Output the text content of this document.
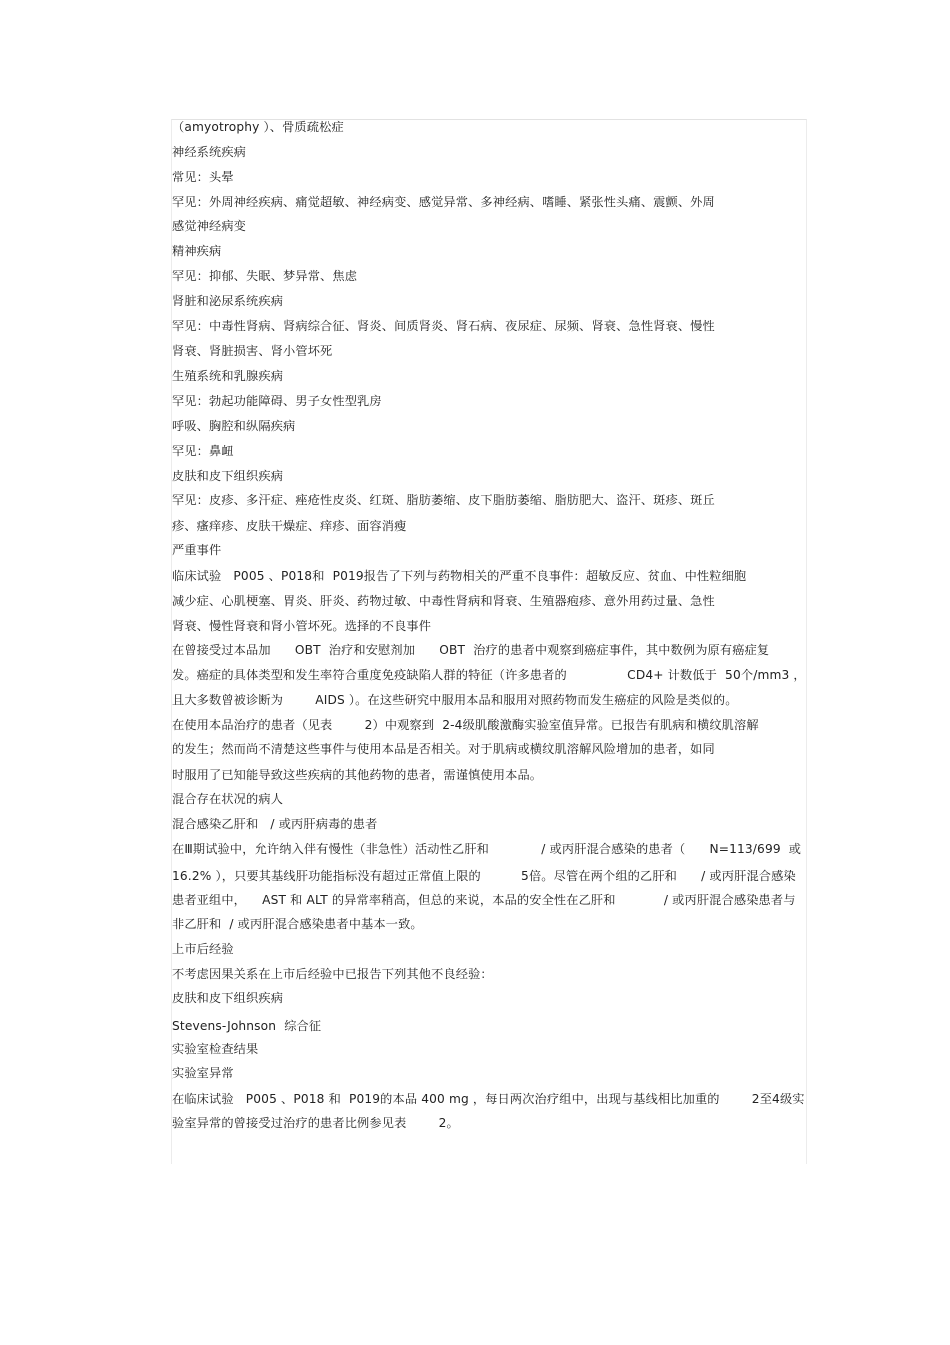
（amyotrophy ）、骨质疏松症
神经系统疾病
常见：头晕
罕见：外周神经疾病、痛觉超敏、神经病变、感觉异常、多神经病、嗜睡、紧张性头痛、震颤、外周
感觉神经病变
精神疾病
罕见：抑郁、失眠、梦异常、焦虑
肾脏和泌尿系统疾病
罕见：中毒性肾病、肾病综合征、肾炎、间质肾炎、肾石病、夜尿症、尿频、肾衰、急性肾衰、慢性
肾衰、肾脏损害、肾小管坏死
生殖系统和乳腺疾病
罕见：勃起功能障碍、男子女性型乳房
呼吸、胸腔和纵隔疾病
罕见：鼻衄
皮肤和皮下组织疾病
罕见：皮疹、多汗症、痤疮性皮炎、红斑、脂肪萎缩、皮下脂肪萎缩、脂肪肥大、盗汗、斑疹、斑丘
疹、瘙痒疹、皮肤干燥症、痒疹、面容消瘦
严重事件
临床试验   P005 、P018和  P019报告了下列与药物相关的严重不良事件：超敏反应、贫血、中性粒细胞
减少症、心肌梗塞、胃炎、肝炎、药物过敏、中毒性肾病和肾衰、生殖器疱疹、意外用药过量、急性
肾衰、慢性肾衰和肾小管坏死。选择的不良事件
在曾接受过本品加      OBT  治疗和安慰剂加      OBT  治疗的患者中观察到癌症事件，其中数例为原有癌症复
发。癌症的具体类型和发生率符合重度免疫缺陷人群的特征（许多患者的               CD4+ 计数低于  50个/mm3 ，
且大多数曾被诊断为        AIDS ）。在这些研究中服用本品和服用对照药物而发生癌症的风险是类似的。
在使用本品治疗的患者（见表        2）中观察到  2-4级肌酸激酶实验室值异常。已报告有肌病和横纹肌溶解
的发生；然而尚不清楚这些事件与使用本品是否相关。对于肌病或横纹肌溶解风险增加的患者，如同
时服用了已知能导致这些疾病的其他药物的患者，需谨慎使用本品。
混合存在状况的病人
混合感染乙肝和   / 或丙肝病毒的患者
在Ⅲ期试验中，允许纳入伴有慢性（非急性）活动性乙肝和             / 或丙肝混合感染的患者（      N=113/699  或
16.2% ），只要其基线肝功能指标没有超过正常值上限的          5倍。尽管在两个组的乙肝和      / 或丙肝混合感染
患者亚组中，    AST 和 ALT 的异常率稍高，但总的来说，本品的安全性在乙肝和            / 或丙肝混合感染患者与
非乙肝和  / 或丙肝混合感染患者中基本一致。
上市后经验
不考虑因果关系在上市后经验中已报告下列其他不良经验：
皮肤和皮下组织疾病
Stevens-Johnson  综合征
实验室检查结果
实验室异常
在临床试验   P005 、P018 和  P019的本品 400 mg ，每日两次治疗组中，出现与基线相比加重的        2至4级实
验室异常的曾接受过治疗的患者比例参见表        2。
